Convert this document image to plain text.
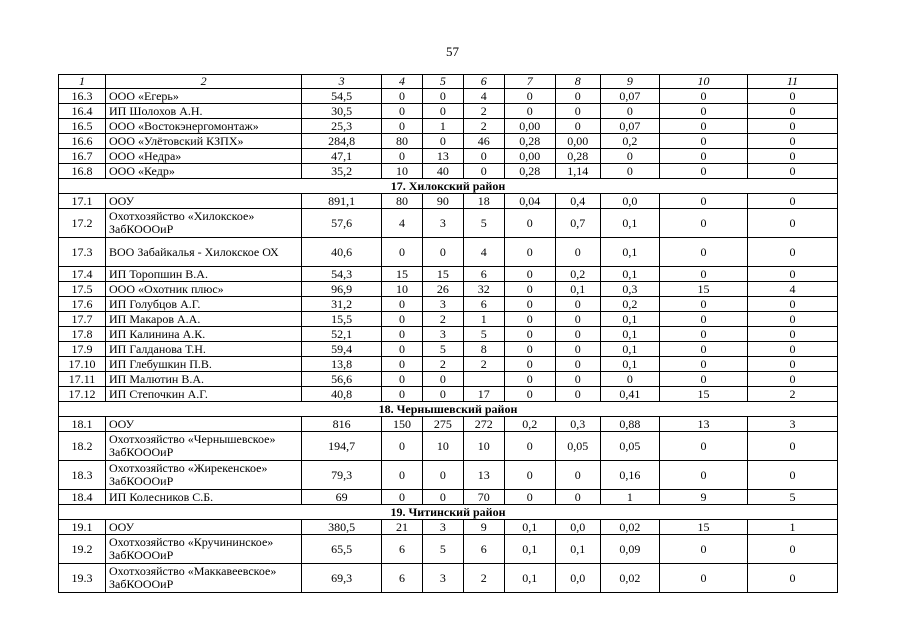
57
1	2	3	4	5	6	7	8	9	10	11
16.3	ООО «Егерь»	54,5	0	0	4	0	0	0,07	0	0
16.4	ИП Шолохов А.Н.	30,5	0	0	2	0	0	0	0	0
16.5	ООО «Востокэнергомонтаж»	25,3	0	1	2	0,00	0	0,07	0	0
16.6	ООО «Улётовский КЗПХ»	284,8	80	0	46	0,28	0,00	0,2	0	0
16.7	ООО «Недра»	47,1	0	13	0	0,00	0,28	0	0	0
16.8	ООО «Кедр»	35,2	10	40	0	0,28	1,14	0	0	0
17. Хилокский район										
17.1	ООУ	891,1	80	90	18	0,04	0,4	0,0	0	0
17.2	Охотхозяйство «Хилокское» ЗабКОООиР	57,6	4	3	5	0	0,7	0,1	0	0
17.3	ВОО Забайкалья - Хилокское ОХ	40,6	0	0	4	0	0	0,1	0	0
17.4	ИП Торопшин В.А.	54,3	15	15	6	0	0,2	0,1	0	0
17.5	ООО «Охотник плюс»	96,9	10	26	32	0	0,1	0,3	15	4
17.6	ИП Голубцов А.Г.	31,2	0	3	6	0	0	0,2	0	0
17.7	ИП Макаров А.А.	15,5	0	2	1	0	0	0,1	0	0
17.8	ИП Калинина А.К.	52,1	0	3	5	0	0	0,1	0	0
17.9	ИП Галданова Т.Н.	59,4	0	5	8	0	0	0,1	0	0
17.10	ИП Глебушкин П.В.	13,8	0	2	2	0	0	0,1	0	0
17.11	ИП Малютин В.А.	56,6	0	0		0	0	0	0	0
17.12	ИП Степочкин А.Г.	40,8	0	0	17	0	0	0,41	15	2
18. Чернышевский район										
18.1	ООУ	816	150	275	272	0,2	0,3	0,88	13	3
18.2	Охотхозяйство «Чернышевское» ЗабКОООиР	194,7	0	10	10	0	0,05	0,05	0	0
18.3	Охотхозяйство «Жирекенское» ЗабКОООиР	79,3	0	0	13	0	0	0,16	0	0
18.4	ИП Колесников С.Б.	69	0	0	70	0	0	1	9	5
19. Читинский район										
19.1	ООУ	380,5	21	3	9	0,1	0,0	0,02	15	1
19.2	Охотхозяйство «Кручининское» ЗабКОООиР	65,5	6	5	6	0,1	0,1	0,09	0	0
19.3	Охотхозяйство «Маккавеевское» ЗабКОООиР	69,3	6	3	2	0,1	0,0	0,02	0	0
